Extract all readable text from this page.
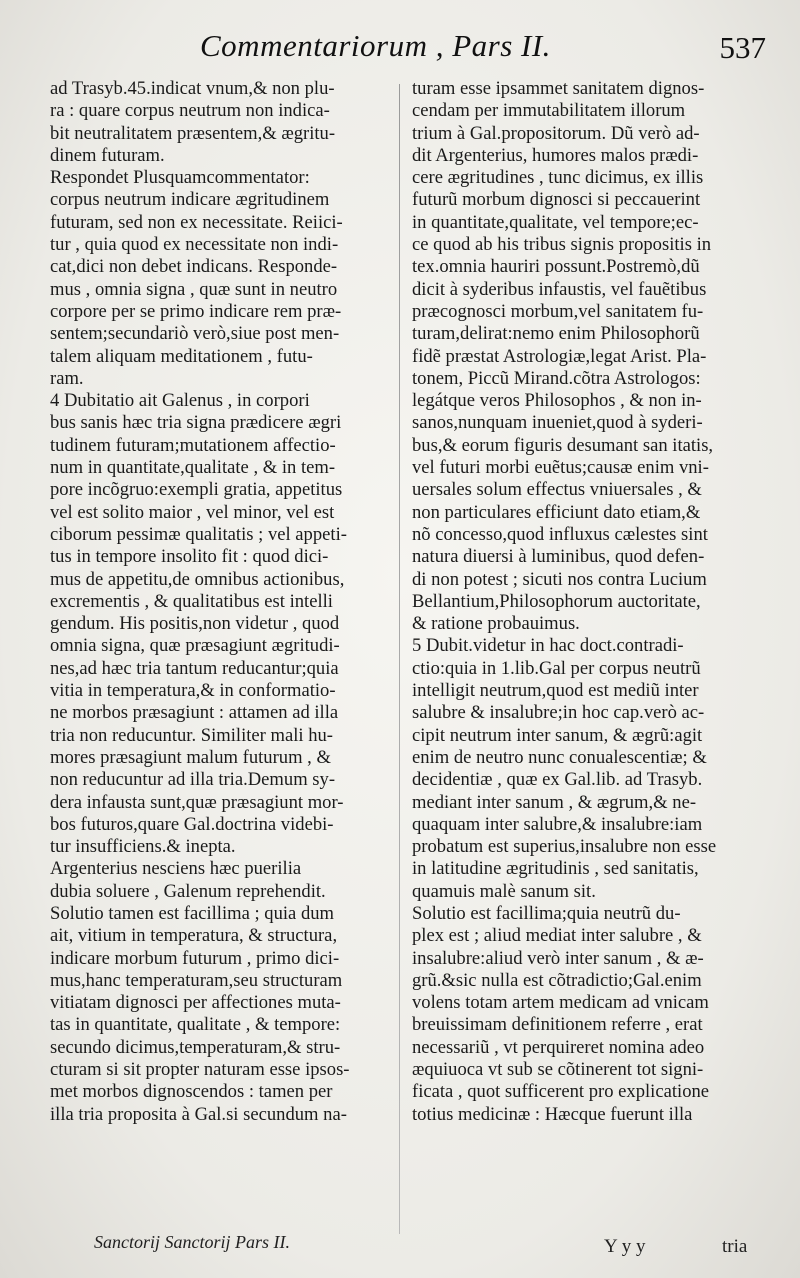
Commentariorum , Pars II.	537
ad Trasyb.45.indicat vnum,& non plu-
ra : quare corpus neutrum non indica-
bit neutralitatem præsentem,& ægritu-
dinem futuram.
Respondet Plusquamcommentator:
corpus neutrum indicare ægritudinem
futuram, sed non ex necessitate. Reiici-
tur , quia quod ex necessitate non indi-
cat,dici non debet indicans. Responde-
mus , omnia signa , quæ sunt in neutro
corpore per se primo indicare rem præ-
sentem;secundariò verò,siue post men-
talem aliquam meditationem , futu-
ram.
4 Dubitatio ait Galenus , in corpori
bus sanis hæc tria signa prædicere ægri
tudinem futuram;mutationem affectio-
num in quantitate,qualitate , & in tem-
pore incõgruo:exempli gratia, appetitus
vel est solito maior , vel minor, vel est
ciborum pessimæ qualitatis ; vel appeti-
tus in tempore insolito fit : quod dici-
mus de appetitu,de omnibus actionibus,
excrementis , & qualitatibus est intelli
gendum. His positis,non videtur , quod
omnia signa, quæ præsagiunt ægritudi-
nes,ad hæc tria tantum reducantur;quia
vitia in temperatura,& in conformatio-
ne morbos præsagiunt : attamen ad illa
tria non reducuntur. Similiter mali hu-
mores præsagiunt malum futurum , &
non reducuntur ad illa tria.Demum sy-
dera infausta sunt,quæ præsagiunt mor-
bos futuros,quare Gal.doctrina videbi-
tur insufficiens.& inepta.
Argenterius nesciens hæc puerilia
dubia soluere , Galenum reprehendit.
Solutio tamen est facillima ; quia dum
ait, vitium in temperatura, & structura,
indicare morbum futurum , primo dici-
mus,hanc temperaturam,seu structuram
vitiatam dignosci per affectiones muta-
tas in quantitate, qualitate , & tempore:
secundo dicimus,temperaturam,& stru-
cturam si sit propter naturam esse ipsos-
met morbos dignoscendos : tamen per
illa tria proposita à Gal.si secundum na-
turam esse ipsammet sanitatem dignos-
cendam per immutabilitatem illorum
trium à Gal.propositorum. Dũ verò ad-
dit Argenterius, humores malos prædi-
cere ægritudines , tunc dicimus, ex illis
futurũ morbum dignosci si peccauerint
in quantitate,qualitate, vel tempore;ec-
ce quod ab his tribus signis propositis in
tex.omnia hauriri possunt.Postremò,dũ
dicit à syderibus infaustis, vel fauẽtibus
præcognosci morbum,vel sanitatem fu-
turam,delirat:nemo enim Philosophorũ
fidẽ præstat Astrologiæ,legat Arist. Pla-
tonem, Piccũ Mirand.cõtra Astrologos:
legátque veros Philosophos , & non in-
sanos,nunquam inueniet,quod à syderi-
bus,& eorum figuris desumant san itatis,
vel futuri morbi euẽtus;causæ enim vni-
uersales solum effectus vniuersales , &
non particulares efficiunt dato etiam,&
nõ concesso,quod influxus cælestes sint
natura diuersi à luminibus, quod defen-
di non potest ; sicuti nos contra Lucium
Bellantium,Philosophorum auctoritate,
& ratione probauimus.
5 Dubit.videtur in hac doct.contradi-
ctio:quia in 1.lib.Gal per corpus neutrũ
intelligit neutrum,quod est mediũ inter
salubre & insalubre;in hoc cap.verò ac-
cipit neutrum inter sanum, & ægrũ:agit
enim de neutro nunc conualescentiæ; &
decidentiæ , quæ ex Gal.lib. ad Trasyb.
mediant inter sanum , & ægrum,& ne-
quaquam inter salubre,& insalubre:iam
probatum est superius,insalubre non esse
in latitudine ægritudinis , sed sanitatis,
quamuis malè sanum sit.
Solutio est facillima;quia neutrũ du-
plex est ; aliud mediat inter salubre , &
insalubre:aliud verò inter sanum , & æ-
grũ.&sic nulla est cõtradictio;Gal.enim
volens totam artem medicam ad vnicam
breuissimam definitionem referre , erat
necessariũ , vt perquireret nomina adeo
æquiuoca vt sub se cõtinerent tot signi-
ficata , quot sufficerent pro explicatione
totius medicinæ : Hæcque fuerunt illa
Sanctorij Sanctorij Pars II.	Y y y	tria
